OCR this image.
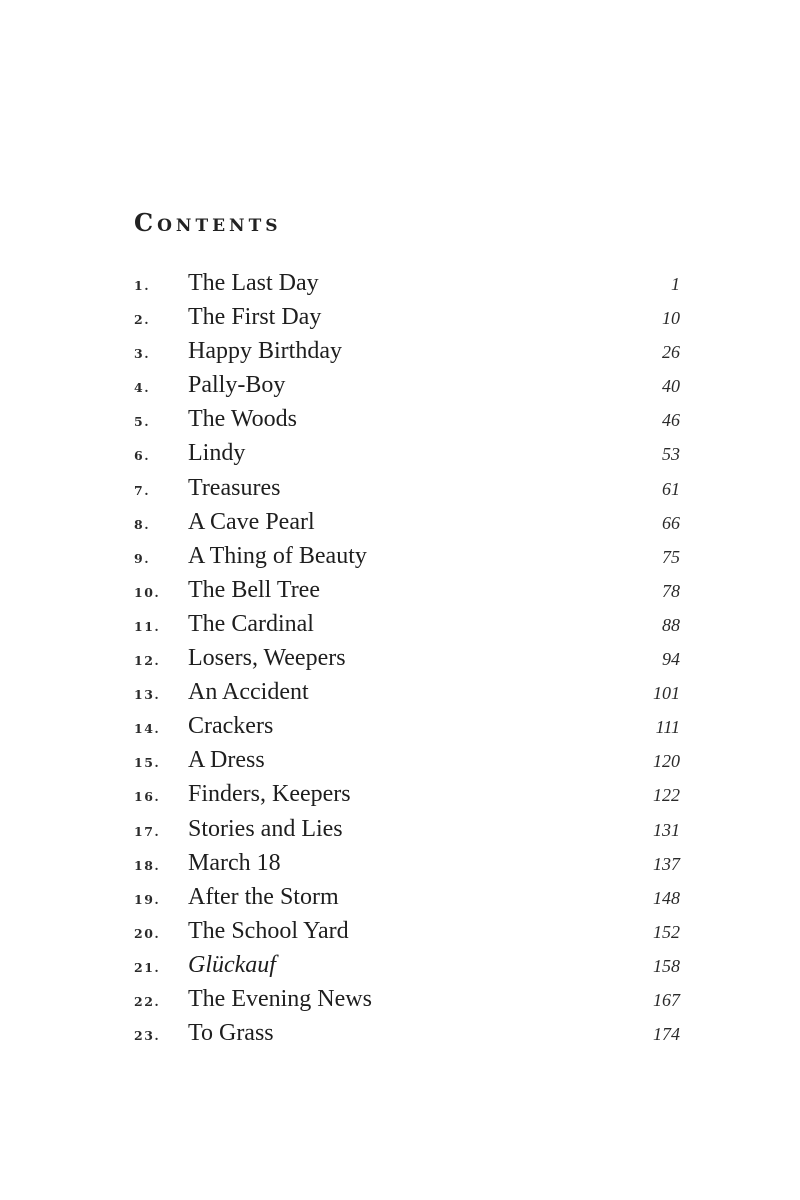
Contents
1.	The Last Day	1
2.	The First Day	10
3.	Happy Birthday	26
4.	Pally-Boy	40
5.	The Woods	46
6.	Lindy	53
7.	Treasures	61
8.	A Cave Pearl	66
9.	A Thing of Beauty	75
10.	The Bell Tree	78
11.	The Cardinal	88
12.	Losers, Weepers	94
13.	An Accident	101
14.	Crackers	111
15.	A Dress	120
16.	Finders, Keepers	122
17.	Stories and Lies	131
18.	March 18	137
19.	After the Storm	148
20.	The School Yard	152
21.	Glückauf	158
22.	The Evening News	167
23.	To Grass	174
